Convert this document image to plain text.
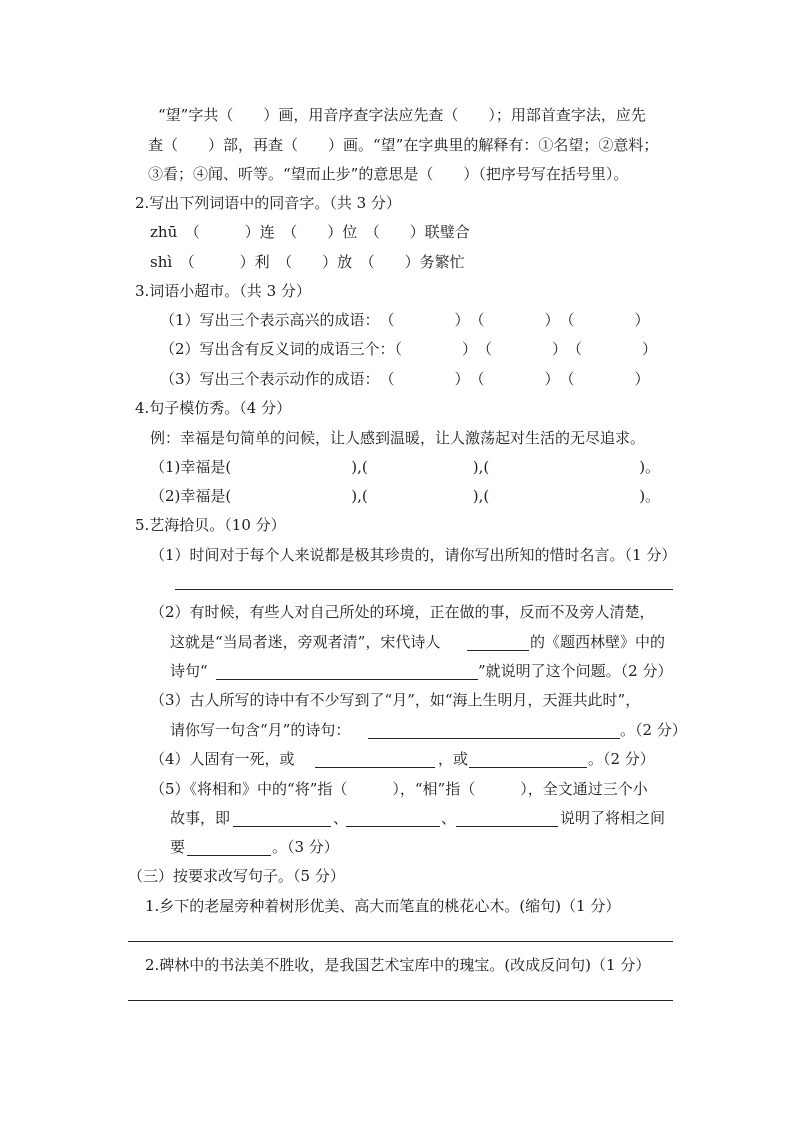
“望”字共（　　）画，用音序查字法应先查（　　）；用部首查字法，应先
查（　　）部，再查（　　）画。“望”在字典里的解释有：①名望；②意料；
③看；④闻、听等。“望而止步”的意思是（　　）（把序号写在括号里）。
2.写出下列词语中的同音字。（共 3 分）
zhū　（　　　）连　（　　）位　（　　）联璧合
shì　（　　　）利　（　　）放　（　　）务繁忙
3.词语小超市。（共 3 分）
（1）写出三个表示高兴的成语：　（　　　　）　（　　　　）　（　　　　）
（2）写出含有反义词的成语三个：（　　　　）　（　　　　）　（　　　　）
（3）写出三个表示动作的成语：　（　　　　）　（　　　　）　（　　　　）
4.句子模仿秀。（4 分）
例：幸福是句简单的问候，让人感到温暖，让人激荡起对生活的无尽追求。
（1)幸福是(　　　　　　　　),(　　　　　　　),(　　　　　　　　　　)。
（2)幸福是(　　　　　　　　),(　　　　　　　),(　　　　　　　　　　)。
5.艺海拾贝。（10 分）
（1）时间对于每个人来说都是极其珍贵的，请你写出所知的惜时名言。（1 分）
（2）有时候，有些人对自己所处的环境，正在做的事，反而不及旁人清楚，
这就是“当局者迷，旁观者清”，宋代诗人	的《题西林壁》中的
诗句“	”就说明了这个问题。（2 分）
（3）古人所写的诗中有不少写到了“月”，如“海上生明月，天涯共此时”，
请你写一句含“月”的诗句：	。（2 分）
（4）人固有一死，或	，或	。（2 分）
（5）《将相和》中的“将”指（　　　），“相”指（　　　），全文通过三个小
故事，即	、	、	说明了将相之间
要	。（3 分）
（三）按要求改写句子。（5 分）
1.乡下的老屋旁种着树形优美、高大而笔直的桃花心木。(缩句)（1 分）
2.碑林中的书法美不胜收，是我国艺术宝库中的瑰宝。(改成反问句)（1 分）
